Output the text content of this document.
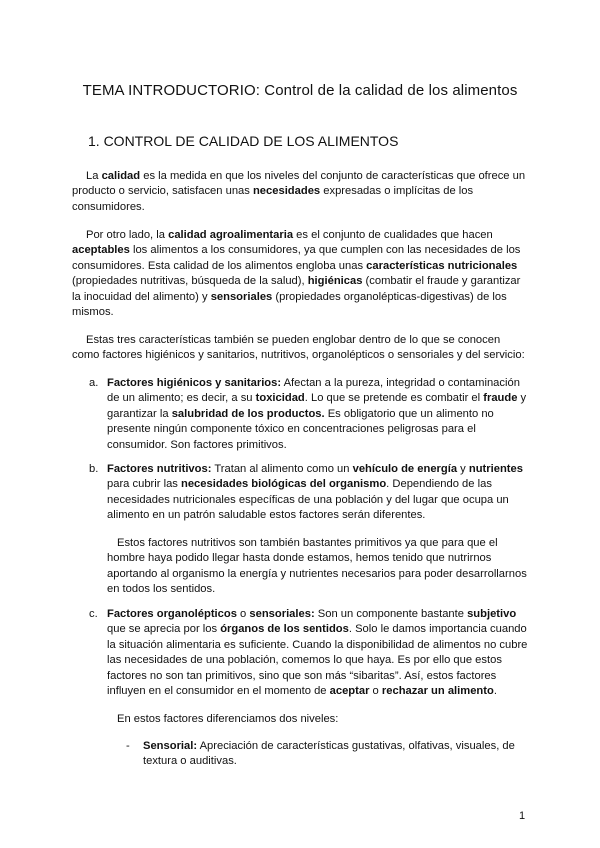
TEMA INTRODUCTORIO: Control de la calidad de los alimentos
1. CONTROL DE CALIDAD DE LOS ALIMENTOS

La calidad es la medida en que los niveles del conjunto de características que ofrece un producto o servicio, satisfacen unas necesidades expresadas o implícitas de los consumidores.

Por otro lado, la calidad agroalimentaria es el conjunto de cualidades que hacen aceptables los alimentos a los consumidores, ya que cumplen con las necesidades de los consumidores. Esta calidad de los alimentos engloba unas características nutricionales (propiedades nutritivas, búsqueda de la salud), higiénicas (combatir el fraude y garantizar la inocuidad del alimento) y sensoriales (propiedades organolépticas-digestivas) de los mismos.

Estas tres características también se pueden englobar dentro de lo que se conocen como factores higiénicos y sanitarios, nutritivos, organolépticos o sensoriales y del servicio:

a. Factores higiénicos y sanitarios: Afectan a la pureza, integridad o contaminación de un alimento; es decir, a su toxicidad. Lo que se pretende es combatir el fraude y garantizar la salubridad de los productos. Es obligatorio que un alimento no presente ningún componente tóxico en concentraciones peligrosas para el consumidor. Son factores primitivos.

b. Factores nutritivos: Tratan al alimento como un vehículo de energía y nutrientes para cubrir las necesidades biológicas del organismo. Dependiendo de las necesidades nutricionales específicas de una población y del lugar que ocupa un alimento en un patrón saludable estos factores serán diferentes.

Estos factores nutritivos son también bastantes primitivos ya que para que el hombre haya podido llegar hasta donde estamos, hemos tenido que nutrirnos aportando al organismo la energía y nutrientes necesarios para poder desarrollarnos en todos los sentidos.

c. Factores organolépticos o sensoriales: Son un componente bastante subjetivo que se aprecia por los órganos de los sentidos. Solo le damos importancia cuando la situación alimentaria es suficiente. Cuando la disponibilidad de alimentos no cubre las necesidades de una población, comemos lo que haya. Es por ello que estos factores no son tan primitivos, sino que son más “sibaritas”. Así, estos factores influyen en el consumidor en el momento de aceptar o rechazar un alimento.

En estos factores diferenciamos dos niveles:

- Sensorial: Apreciación de características gustativas, olfativas, visuales, de textura o auditivas.

1
